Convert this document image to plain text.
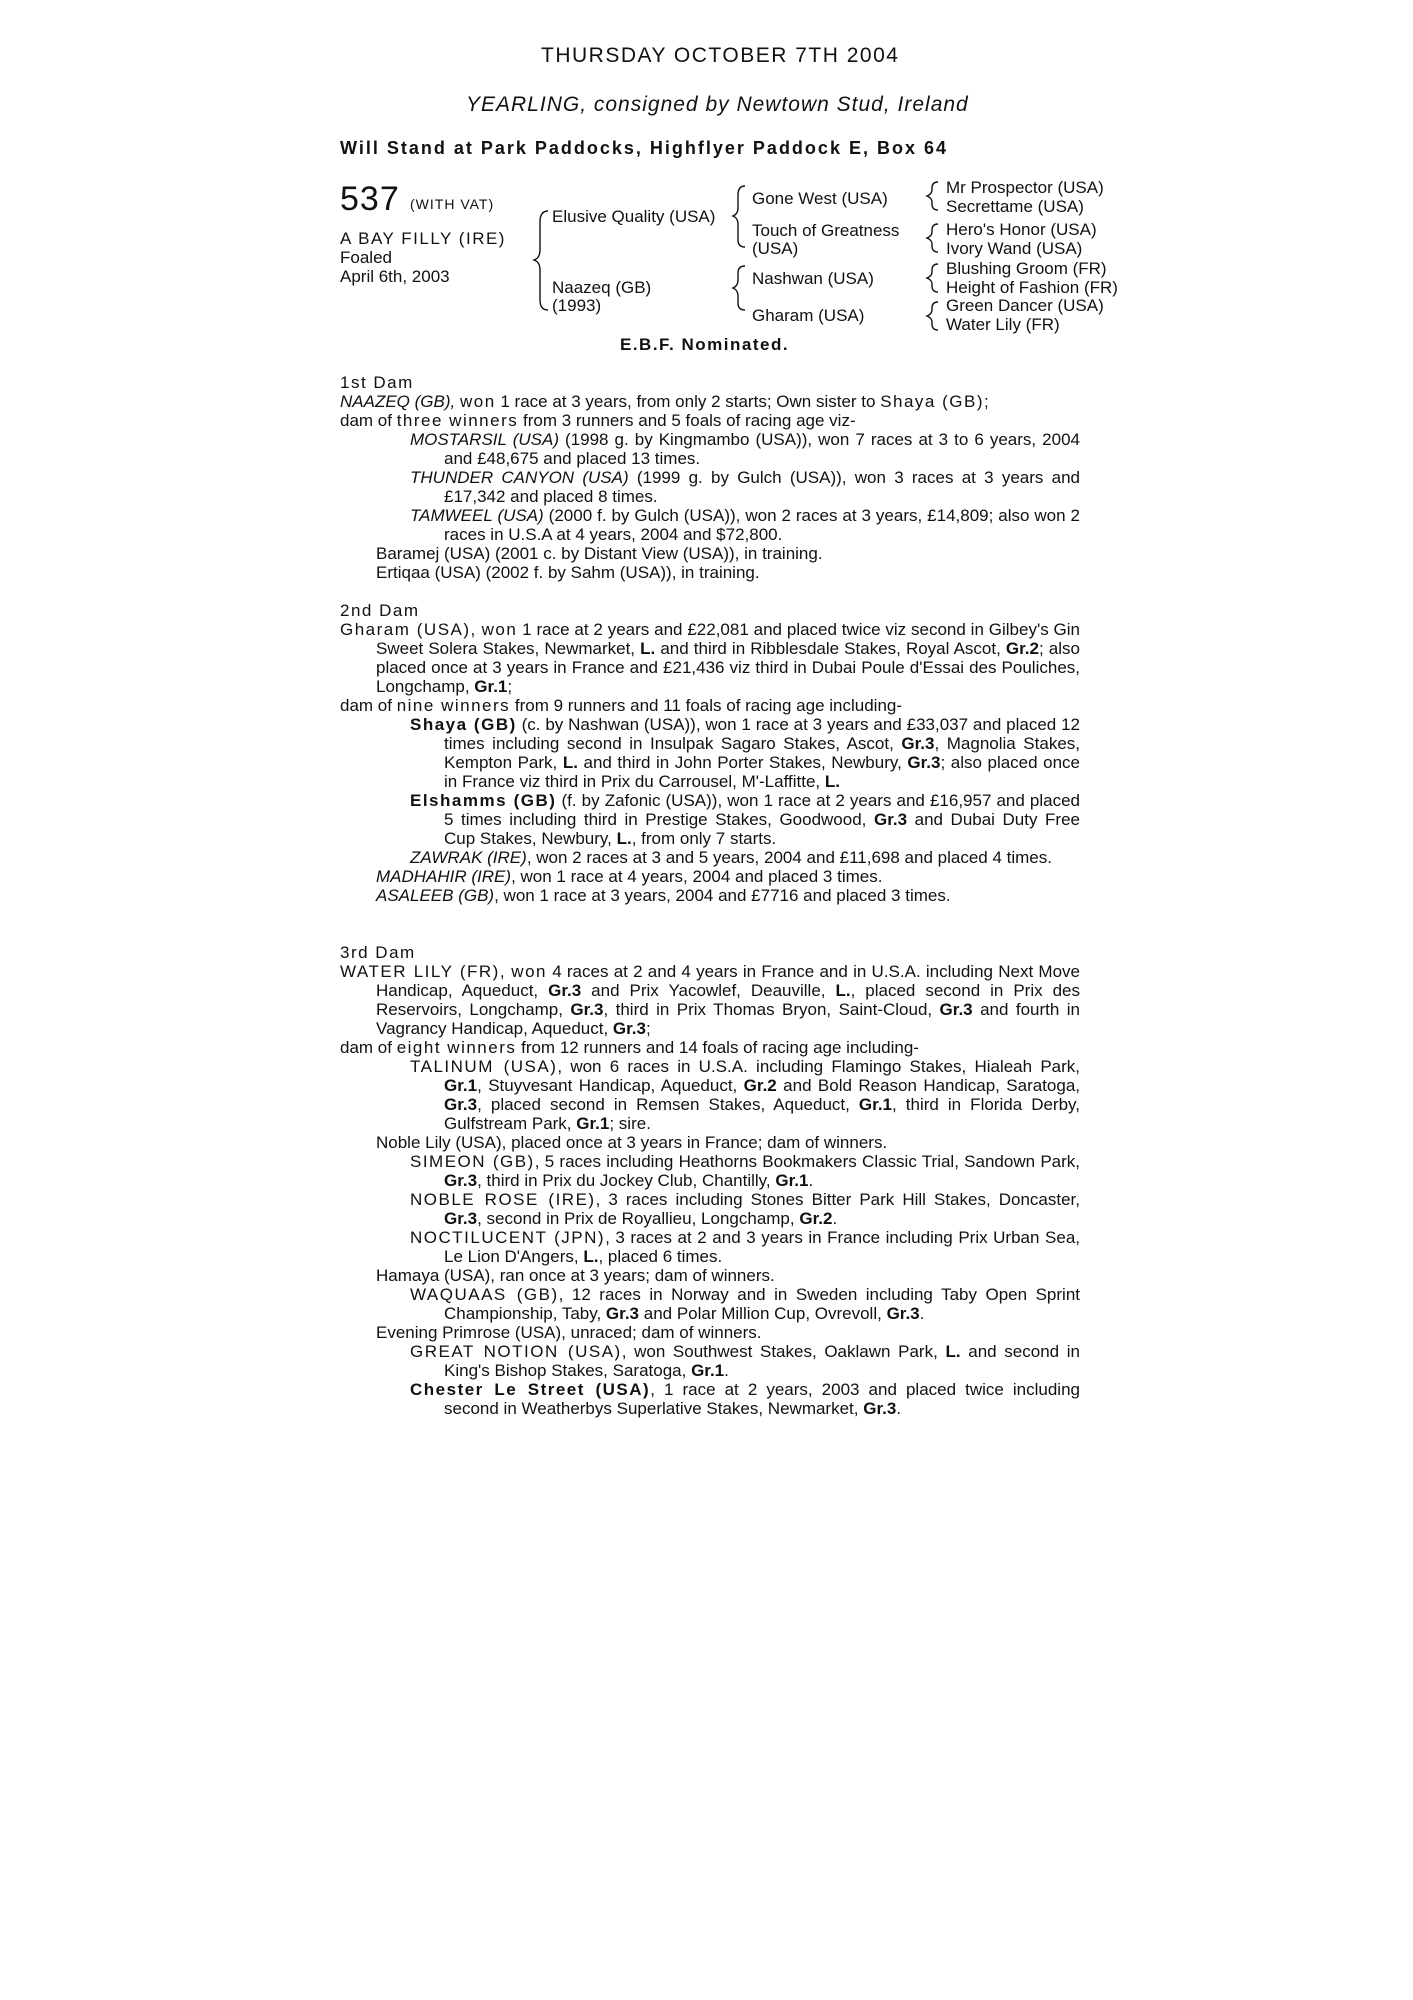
THURSDAY OCTOBER 7TH 2004
YEARLING, consigned by Newtown Stud, Ireland
Will Stand at Park Paddocks, Highflyer Paddock E, Box 64
537 (WITH VAT)
A BAY FILLY (IRE)
Foaled
April 6th, 2003
Elusive Quality (USA)
Naazeq (GB)
(1993)
Gone West (USA)
Touch of Greatness
(USA)
Nashwan (USA)
Gharam (USA)
Mr Prospector (USA)
Secrettame (USA)
Hero's Honor (USA)
Ivory Wand (USA)
Blushing Groom (FR)
Height of Fashion (FR)
Green Dancer (USA)
Water Lily (FR)
E.B.F. Nominated.

1st Dam

NAAZEQ (GB), won 1 race at 3 years, from only 2 starts; Own sister to Shaya (GB);

dam of three winners from 3 runners and 5 foals of racing age viz-

MOSTARSIL (USA) (1998 g. by Kingmambo (USA)), won 7 races at 3 to 6 years, 2004 and £48,675 and placed 13 times.

THUNDER CANYON (USA) (1999 g. by Gulch (USA)), won 3 races at 3 years and £17,342 and placed 8 times.

TAMWEEL (USA) (2000 f. by Gulch (USA)), won 2 races at 3 years, £14,809; also won 2 races in U.S.A at 4 years, 2004 and $72,800.

Baramej (USA) (2001 c. by Distant View (USA)), in training.

Ertiqaa (USA) (2002 f. by Sahm (USA)), in training.

2nd Dam

Gharam (USA), won 1 race at 2 years and £22,081 and placed twice viz second in Gilbey's Gin Sweet Solera Stakes, Newmarket, L. and third in Ribblesdale Stakes, Royal Ascot, Gr.2; also placed once at 3 years in France and £21,436 viz third in Dubai Poule d'Essai des Pouliches, Longchamp, Gr.1;

dam of nine winners from 9 runners and 11 foals of racing age including-

Shaya (GB) (c. by Nashwan (USA)), won 1 race at 3 years and £33,037 and placed 12 times including second in Insulpak Sagaro Stakes, Ascot, Gr.3, Magnolia Stakes, Kempton Park, L. and third in John Porter Stakes, Newbury, Gr.3; also placed once in France viz third in Prix du Carrousel, M'-Laffitte, L.

Elshamms (GB) (f. by Zafonic (USA)), won 1 race at 2 years and £16,957 and placed 5 times including third in Prestige Stakes, Goodwood, Gr.3 and Dubai Duty Free Cup Stakes, Newbury, L., from only 7 starts.

ZAWRAK (IRE), won 2 races at 3 and 5 years, 2004 and £11,698 and placed 4 times.

MADHAHIR (IRE), won 1 race at 4 years, 2004 and placed 3 times.

ASALEEB (GB), won 1 race at 3 years, 2004 and £7716 and placed 3 times.

3rd Dam

WATER LILY (FR), won 4 races at 2 and 4 years in France and in U.S.A. including Next Move Handicap, Aqueduct, Gr.3 and Prix Yacowlef, Deauville, L., placed second in Prix des Reservoirs, Longchamp, Gr.3, third in Prix Thomas Bryon, Saint-Cloud, Gr.3 and fourth in Vagrancy Handicap, Aqueduct, Gr.3;

dam of eight winners from 12 runners and 14 foals of racing age including-

TALINUM (USA), won 6 races in U.S.A. including Flamingo Stakes, Hialeah Park, Gr.1, Stuyvesant Handicap, Aqueduct, Gr.2 and Bold Reason Handicap, Saratoga, Gr.3, placed second in Remsen Stakes, Aqueduct, Gr.1, third in Florida Derby, Gulfstream Park, Gr.1; sire.

Noble Lily (USA), placed once at 3 years in France; dam of winners.

SIMEON (GB), 5 races including Heathorns Bookmakers Classic Trial, Sandown Park, Gr.3, third in Prix du Jockey Club, Chantilly, Gr.1.

NOBLE ROSE (IRE), 3 races including Stones Bitter Park Hill Stakes, Doncaster, Gr.3, second in Prix de Royallieu, Longchamp, Gr.2.

NOCTILUCENT (JPN), 3 races at 2 and 3 years in France including Prix Urban Sea, Le Lion D'Angers, L., placed 6 times.

Hamaya (USA), ran once at 3 years; dam of winners.

WAQUAAS (GB), 12 races in Norway and in Sweden including Taby Open Sprint Championship, Taby, Gr.3 and Polar Million Cup, Ovrevoll, Gr.3.

Evening Primrose (USA), unraced; dam of winners.

GREAT NOTION (USA), won Southwest Stakes, Oaklawn Park, L. and second in King's Bishop Stakes, Saratoga, Gr.1.

Chester Le Street (USA), 1 race at 2 years, 2003 and placed twice including second in Weatherbys Superlative Stakes, Newmarket, Gr.3.
